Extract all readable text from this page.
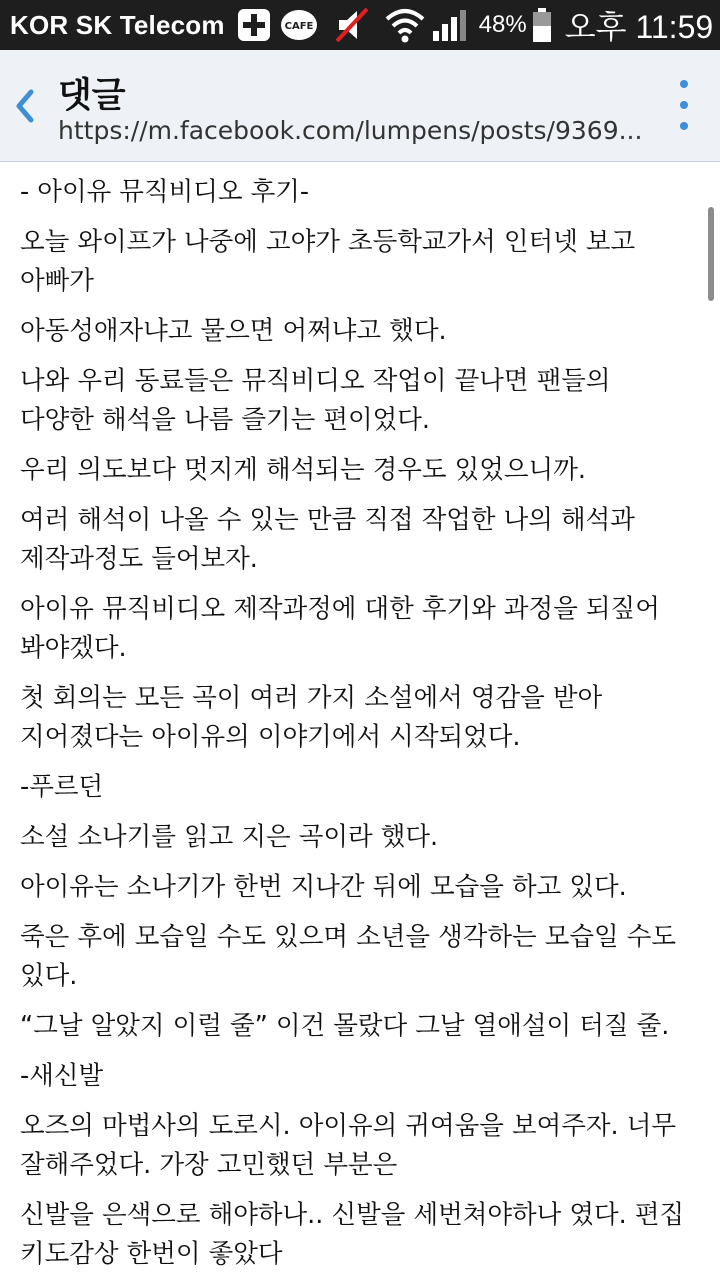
KOR SK Telecom	CAFE	48% 오후 11:59
댓글
https://m.facebook.com/lumpens/posts/9369...

- 아이유 뮤직비디오 후기-

오늘 와이프가 나중에 고야가 초등학교가서 인터넷 보고 아빠가

아동성애자냐고 물으면 어쩌냐고 했다.

나와 우리 동료들은 뮤직비디오 작업이 끝나면 팬들의 다양한 해석을 나름 즐기는 편이었다.

우리 의도보다 멋지게 해석되는 경우도 있었으니까.

여러 해석이 나올 수 있는 만큼 직접 작업한 나의 해석과 제작과정도 들어보자.

아이유 뮤직비디오 제작과정에 대한 후기와 과정을 되짚어 봐야겠다.

첫 회의는 모든 곡이 여러 가지 소설에서 영감을 받아 지어졌다는 아이유의 이야기에서 시작되었다.

-푸르던

소설 소나기를 읽고 지은 곡이라 했다.

아이유는 소나기가 한번 지나간 뒤에 모습을 하고 있다.

죽은 후에 모습일 수도 있으며 소년을 생각하는 모습일 수도 있다.

“그날 알았지 이럴 줄” 이건 몰랐다 그날 열애설이 터질 줄.

-새신발

오즈의 마법사의 도로시. 아이유의 귀여움을 보여주자. 너무 잘해주었다. 가장 고민했던 부분은

신발을 은색으로 해야하나.. 신발을 세번쳐야하나 였다. 편집 키도감상 한번이 좋았다
